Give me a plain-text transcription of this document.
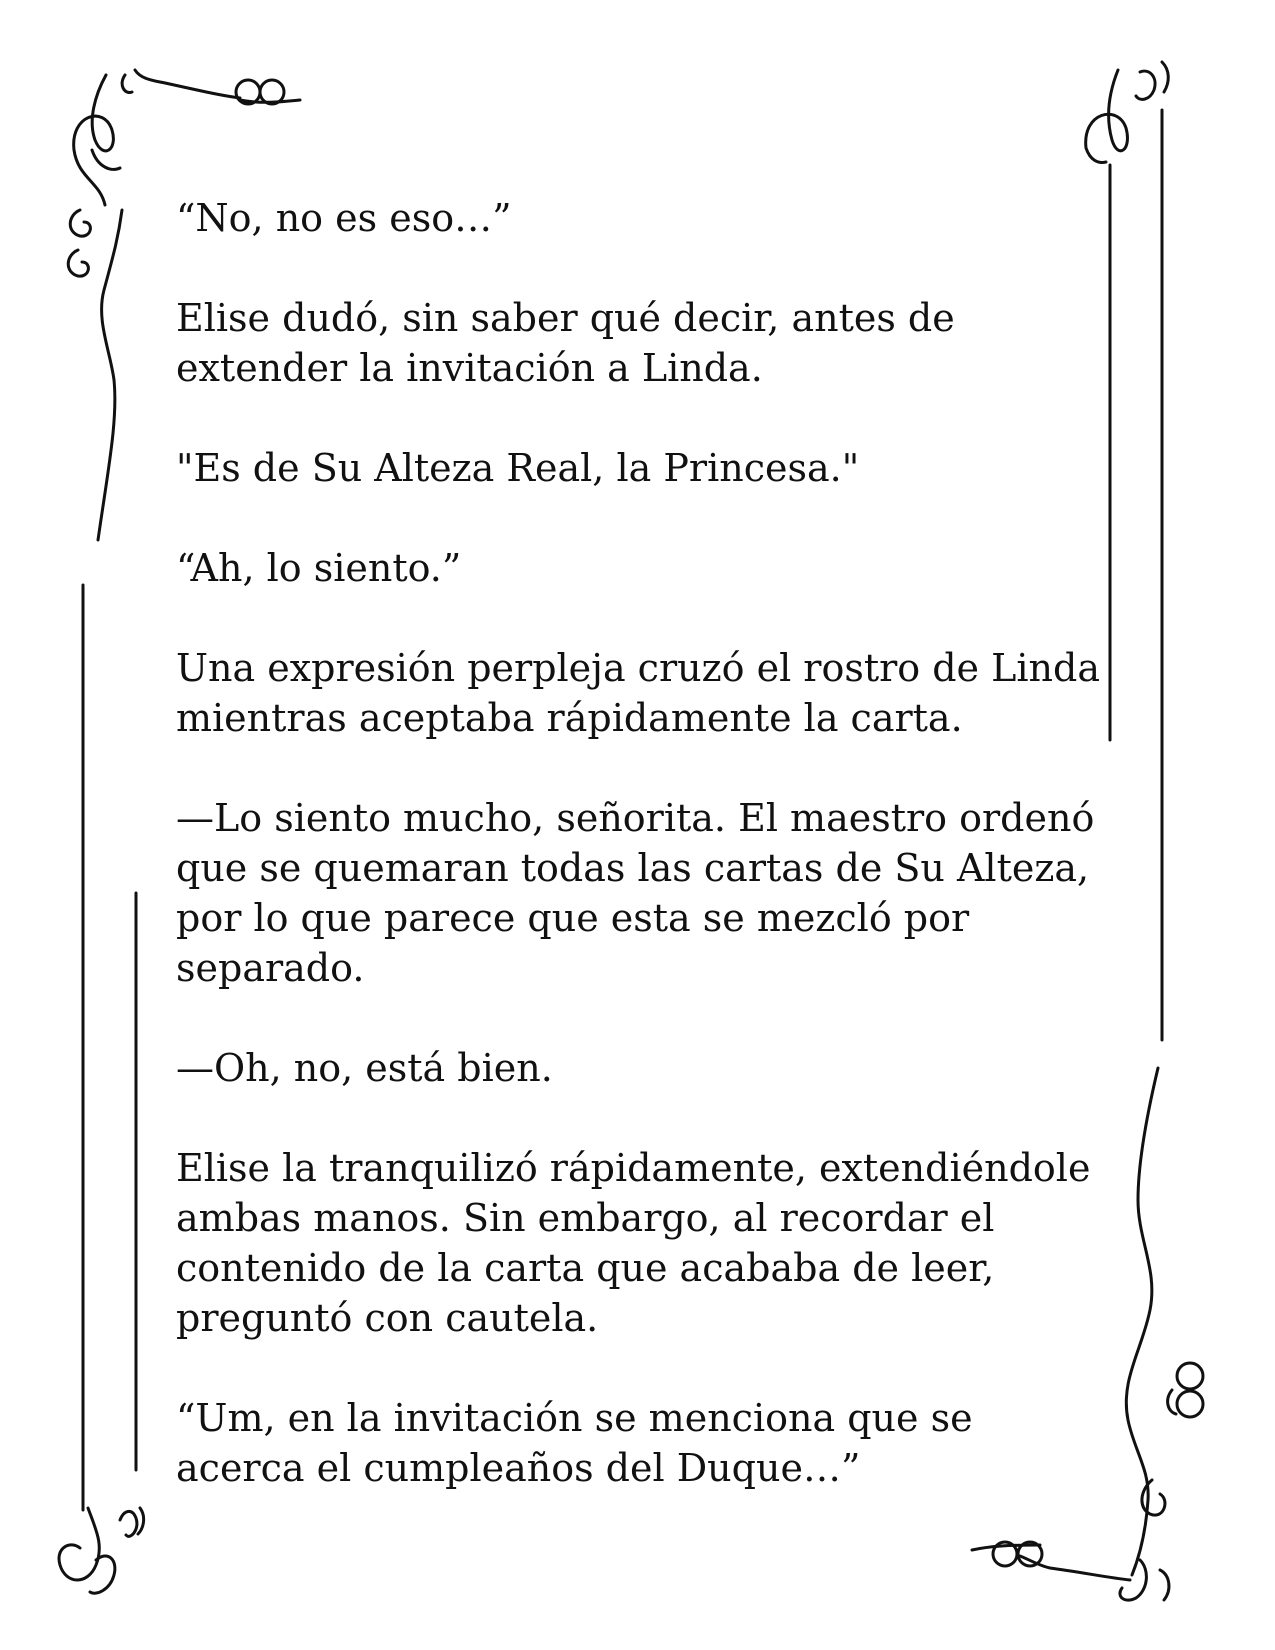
“No, no es eso…”

Elise dudó, sin saber qué decir, antes de
extender la invitación a Linda.

"Es de Su Alteza Real, la Princesa."

“Ah, lo siento.”

Una expresión perpleja cruzó el rostro de Linda
mientras aceptaba rápidamente la carta.

—Lo siento mucho, señorita. El maestro ordenó
que se quemaran todas las cartas de Su Alteza,
por lo que parece que esta se mezcló por
separado.

—Oh, no, está bien.

Elise la tranquilizó rápidamente, extendiéndole
ambas manos. Sin embargo, al recordar el
contenido de la carta que acababa de leer,
preguntó con cautela.

“Um, en la invitación se menciona que se
acerca el cumpleaños del Duque…”
